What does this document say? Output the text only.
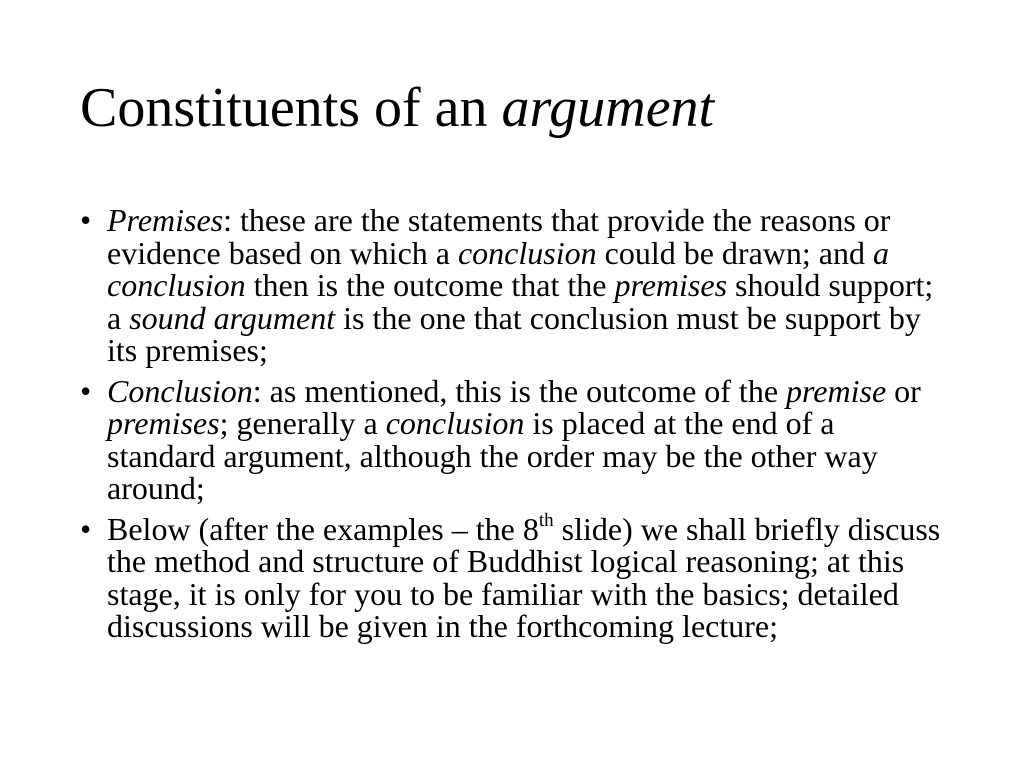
Constituents of an argument
• Premises: these are the statements that provide the reasons or evidence based on which a conclusion could be drawn; and a conclusion then is the outcome that the premises should support; a sound argument is the one that conclusion must be support by its premises;
• Conclusion: as mentioned, this is the outcome of the premise or premises; generally a conclusion is placed at the end of a standard argument, although the order may be the other way around;
• Below (after the examples – the 8th slide) we shall briefly discuss the method and structure of Buddhist logical reasoning; at this stage, it is only for you to be familiar with the basics; detailed discussions will be given in the forthcoming lecture;
